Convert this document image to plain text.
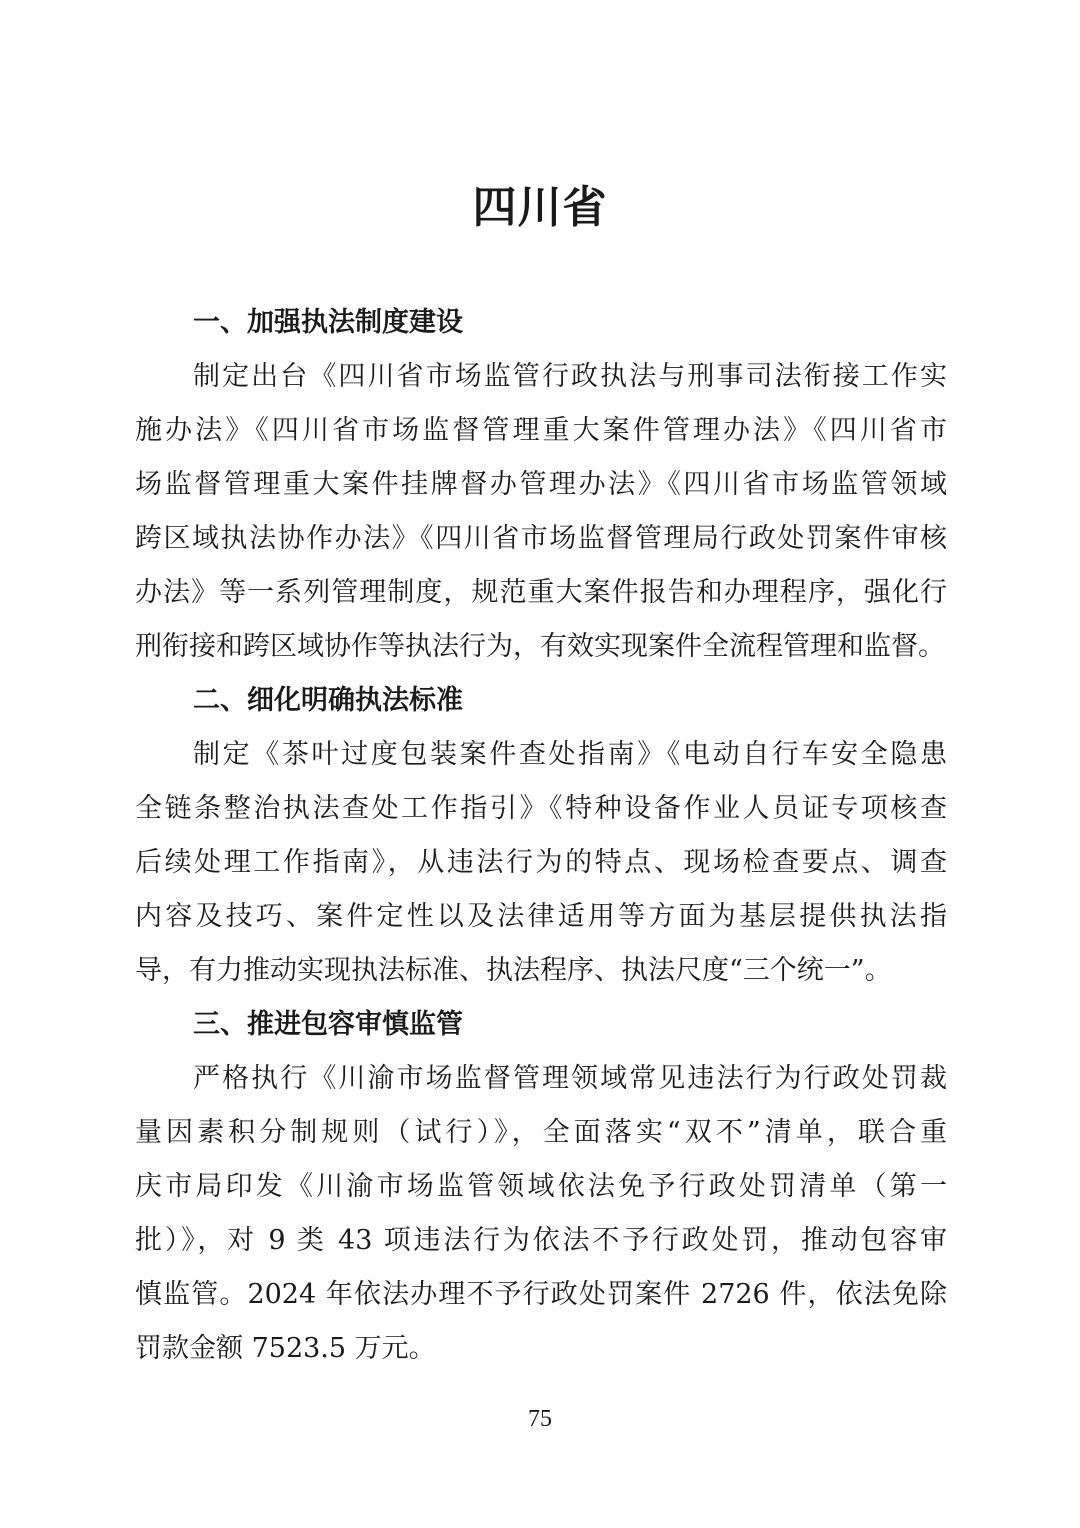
四川省

一、加强执法制度建设

制定出台《四川省市场监管行政执法与刑事司法衔接工作实
施办法》《四川省市场监督管理重大案件管理办法》《四川省市
场监督管理重大案件挂牌督办管理办法》《四川省市场监管领域
跨区域执法协作办法》《四川省市场监督管理局行政处罚案件审核
办法》等一系列管理制度，规范重大案件报告和办理程序，强化行
刑衔接和跨区域协作等执法行为，有效实现案件全流程管理和监督。

二、细化明确执法标准

制定《茶叶过度包装案件查处指南》《电动自行车安全隐患
全链条整治执法查处工作指引》《特种设备作业人员证专项核查
后续处理工作指南》，从违法行为的特点、现场检查要点、调查
内容及技巧、案件定性以及法律适用等方面为基层提供执法指
导，有力推动实现执法标准、执法程序、执法尺度“三个统一”。

三、推进包容审慎监管

严格执行《川渝市场监督管理领域常见违法行为行政处罚裁
量因素积分制规则（试行）》，全面落实“双不”清单，联合重
庆市局印发《川渝市场监管领域依法免予行政处罚清单（第一
批）》，对 9 类 43 项违法行为依法不予行政处罚，推动包容审
慎监管。2024 年依法办理不予行政处罚案件 2726 件，依法免除
罚款金额 7523.5 万元。

75
